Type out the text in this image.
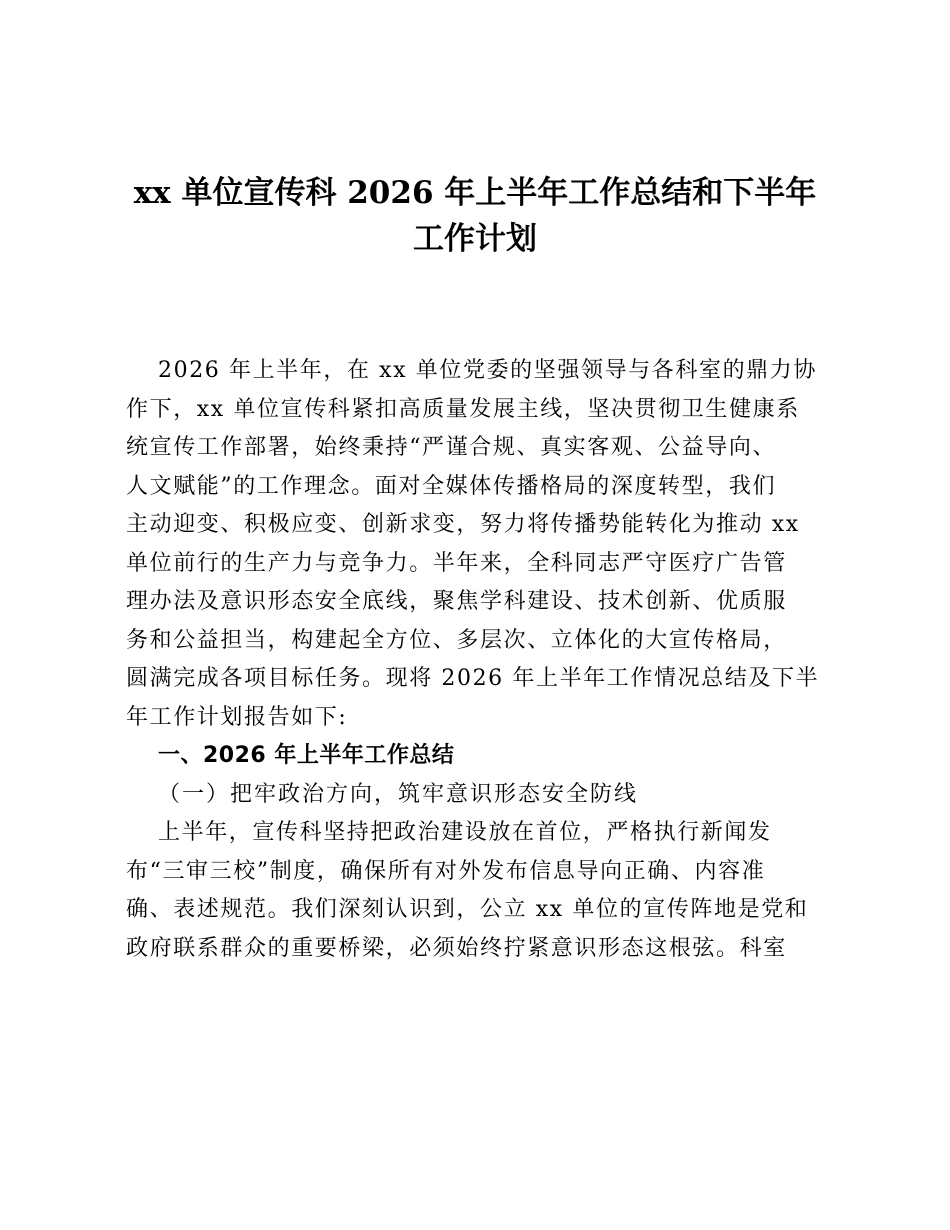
xx 单位宣传科 2026 年上半年工作总结和下半年
工作计划
2026 年上半年，在 xx 单位党委的坚强领导与各科室的鼎力协
作下，xx 单位宣传科紧扣高质量发展主线，坚决贯彻卫生健康系
统宣传工作部署，始终秉持“严谨合规、真实客观、公益导向、
人文赋能”的工作理念。面对全媒体传播格局的深度转型，我们
主动迎变、积极应变、创新求变，努力将传播势能转化为推动 xx
单位前行的生产力与竞争力。半年来，全科同志严守医疗广告管
理办法及意识形态安全底线，聚焦学科建设、技术创新、优质服
务和公益担当，构建起全方位、多层次、立体化的大宣传格局，
圆满完成各项目标任务。现将 2026 年上半年工作情况总结及下半
年工作计划报告如下:
一、2026 年上半年工作总结
（一）把牢政治方向，筑牢意识形态安全防线
上半年，宣传科坚持把政治建设放在首位，严格执行新闻发
布“三审三校”制度，确保所有对外发布信息导向正确、内容准
确、表述规范。我们深刻认识到，公立 xx 单位的宣传阵地是党和
政府联系群众的重要桥梁，必须始终拧紧意识形态这根弦。科室
